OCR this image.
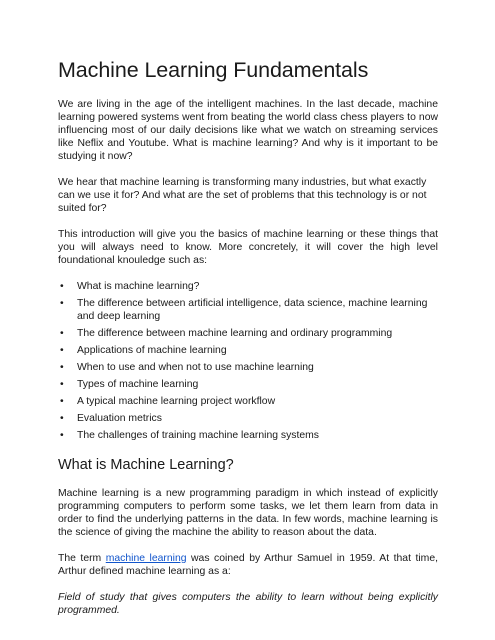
Machine Learning Fundamentals

We are living in the age of the intelligent machines. In the last decade, machine learning powered systems went from beating the world class chess players to now influencing most of our daily decisions like what we watch on streaming services like Neflix and Youtube. What is machine learning? And why is it important to be studying it now?

We hear that machine learning is transforming many industries, but what exactly can we use it for? And what are the set of problems that this technology is or not suited for?

This introduction will give you the basics of machine learning or these things that you will always need to know. More concretely, it will cover the high level foundational knouledge such as:

• What is machine learning?
• The difference between artificial intelligence, data science, machine learning and deep learning
• The difference between machine learning and ordinary programming
• Applications of machine learning
• When to use and when not to use machine learning
• Types of machine learning
• A typical machine learning project workflow
• Evaluation metrics
• The challenges of training machine learning systems
What is Machine Learning?

Machine learning is a new programming paradigm in which instead of explicitly programming computers to perform some tasks, we let them learn from data in order to find the underlying patterns in the data. In few words, machine learning is the science of giving the machine the ability to reason about the data.

The term machine learning was coined by Arthur Samuel in 1959. At that time, Arthur defined machine learning as a:

Field of study that gives computers the ability to learn without being explicitly programmed.
